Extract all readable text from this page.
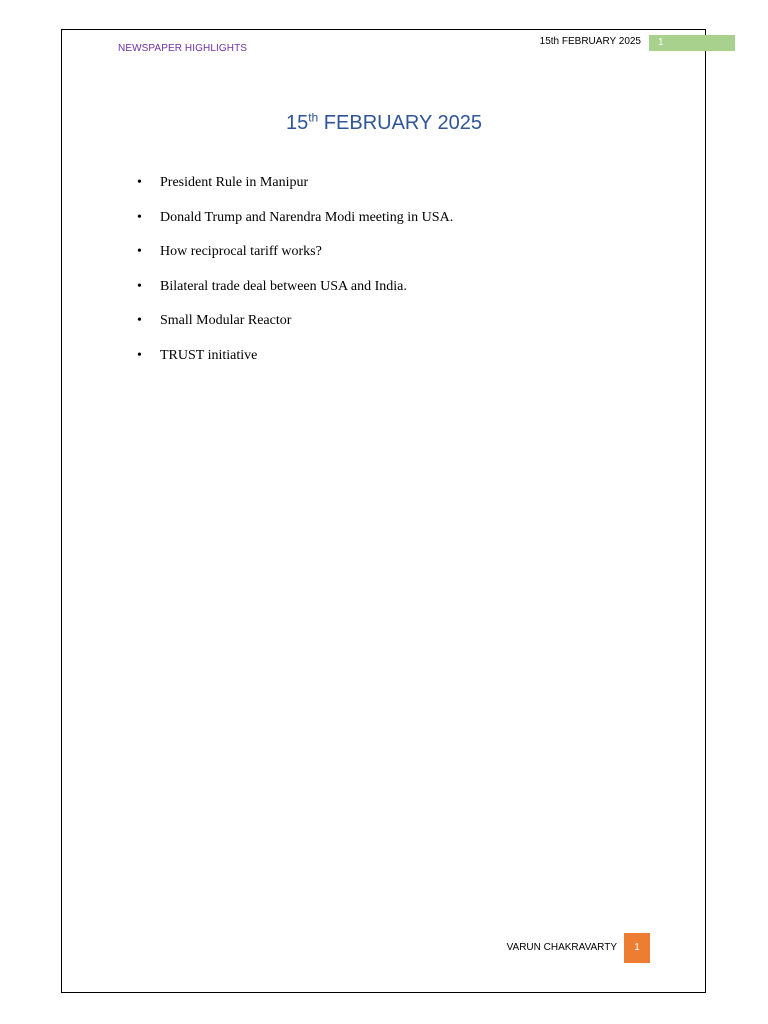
NEWSPAPER HIGHLIGHTS
15th FEBRUARY 2025	1
15th FEBRUARY 2025
•	President Rule in Manipur
•	Donald Trump and Narendra Modi meeting in USA.
•	How reciprocal tariff works?
•	Bilateral trade deal between USA and India.
•	Small Modular Reactor
•	TRUST initiative
VARUN CHAKRAVARTY	1
